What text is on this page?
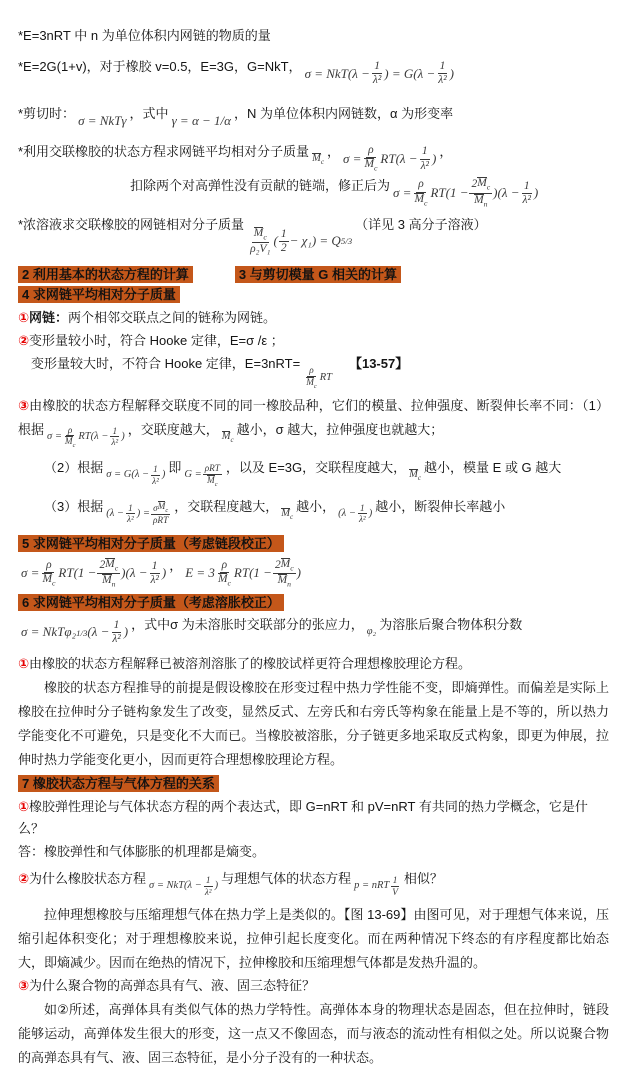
*E=3nRT 中 n 为单位体积内网链的物质的量

*E=2G(1+v)，对于橡胶 v=0.5，E=3G，G=NkT， $\sigma = NkT(\lambda - \frac{1}{\text{λ²}}$ ) = $G(\lambda - \frac{1}{\text{λ²}}$ )

*剪切时： σ = NkTγ ，式中 γ = α − 1/α ，N 为单位体积内网链数，α 为形变率

*利用交联橡胶的状态方程求网链平均相对分子质量 $M_c$
， $\sigma = \frac{\rho}{M_c} RT(\lambda - \frac{1}{\text{λ²}}$ ) ，

扣除两个对高弹性没有贡献的链端，修正后为 $\sigma = \frac{\rho}{M_c} RT(1 - \frac{2 M_c}{M_n} )(\lambda - \frac{1}{\text{λ²}}$ )

*浓溶液求交联橡胶的网链相对分子质量
$\frac{M_c}{\text{ρ₂V₁}}$ ( $\frac{1}{2} - \chi_1) = Q$ 5/3
（详见 3 高分子溶液）

2 利用基本的状态方程的计算	3 与剪切模量 G 相关的计算

4 求网链平均相对分子质量

①网链：两个相邻交联点之间的链称为网链。

②变形量较小时，符合 Hooke 定律，E=σ /ε ；

变形量较大时，不符合 Hooke 定律，E=3nRT=
$\frac{\rho}{M_c}$ RT
【13-57】

③由橡胶的状态方程解释交联度不同的同一橡胶品种，它们的模量、拉伸强度、断裂伸长率不同：（1）根据 $\sigma = \frac{\rho}{M_c} RT(\lambda - \frac{1}{\text{λ²}}$ ) ，交联度越大， $M_c$
越小，σ 越大，拉伸强度也就越大；

（2）根据 $\sigma = G(\lambda - \frac{1}{\text{λ²}}$ ) 即 $G = \frac{\text{ρRT}}{M_c}$ ，以及 E=3G，交联程度越大， $M_c$
越小，模量 E 或 G 越大

（3）根据 ($\lambda - \frac{1}{\text{λ²}}$ ) = $\frac{\sigma M_c}{\text{ρRT}}$ ，交联程度越大， $M_c$
越小， ($\lambda - \frac{1}{\text{λ²}}$ ) 越小，断裂伸长率越小

5 求网链平均相对分子质量（考虑链段校正）

$\sigma = \frac{\rho}{M_c} RT(1 - \frac{2 M_c}{M_n} )(\lambda - \frac{1}{\text{λ²}}$ ) ， $E = 3 \frac{\rho}{M_c} RT(1 - \frac{2 M_c}{M_n}$ )

6 求网链平均相对分子质量（考虑溶胀校正）

σ = NkTφ₂ 1/3 ($\lambda - \frac{1}{\text{λ²}}$ ) ，式中σ 为未溶胀时交联部分的张应力， φ₂ 为溶胀后聚合物体积分数

①由橡胶的状态方程解释已被溶剂溶胀了的橡胶试样更符合理想橡胶理论方程。

橡胶的状态方程推导的前提是假设橡胶在形变过程中热力学性能不变，即熵弹性。而偏差是实际上橡胶在拉伸时分子链构象发生了改变，显然反式、左旁氏和右旁氏等构象在能量上是不等的，所以热力学能变化不可避免，只是变化不大而已。当橡胶被溶胀，分子链更多地采取反式构象，即更为伸展，拉伸时热力学能变化更小，因而更符合理想橡胶理论方程。

7 橡胶状态方程与气体方程的关系

①橡胶弹性理论与气体状态方程的两个表达式，即 G=nRT 和 pV=nRT 有共同的热力学概念，它是什么？

答：橡胶弹性和气体膨胀的机理都是熵变。

②为什么橡胶状态方程 $\sigma = NkT(\lambda - \frac{1}{\text{λ²}}$ ) 与理想气体的状态方程 p = nRT $\frac{1}{V}$ 相似？

拉伸理想橡胶与压缩理想气体在热力学上是类似的。【图 13-69】由图可见，对于理想气体来说，压缩引起体积变化；对于理想橡胶来说，拉伸引起长度变化。而在两种情况下终态的有序程度都比始态大，即熵减少。因而在绝热的情况下，拉伸橡胶和压缩理想气体都是发热升温的。

③为什么聚合物的高弹态具有气、液、固三态特征？

如②所述，高弹体具有类似气体的热力学特性。高弹体本身的物理状态是固态，但在拉伸时，链段能够运动，高弹体发生很大的形变，这一点又不像固态，而与液态的流动性有相似之处。所以说聚合物的高弹态具有气、液、固三态特征，是小分子没有的一种状态。
